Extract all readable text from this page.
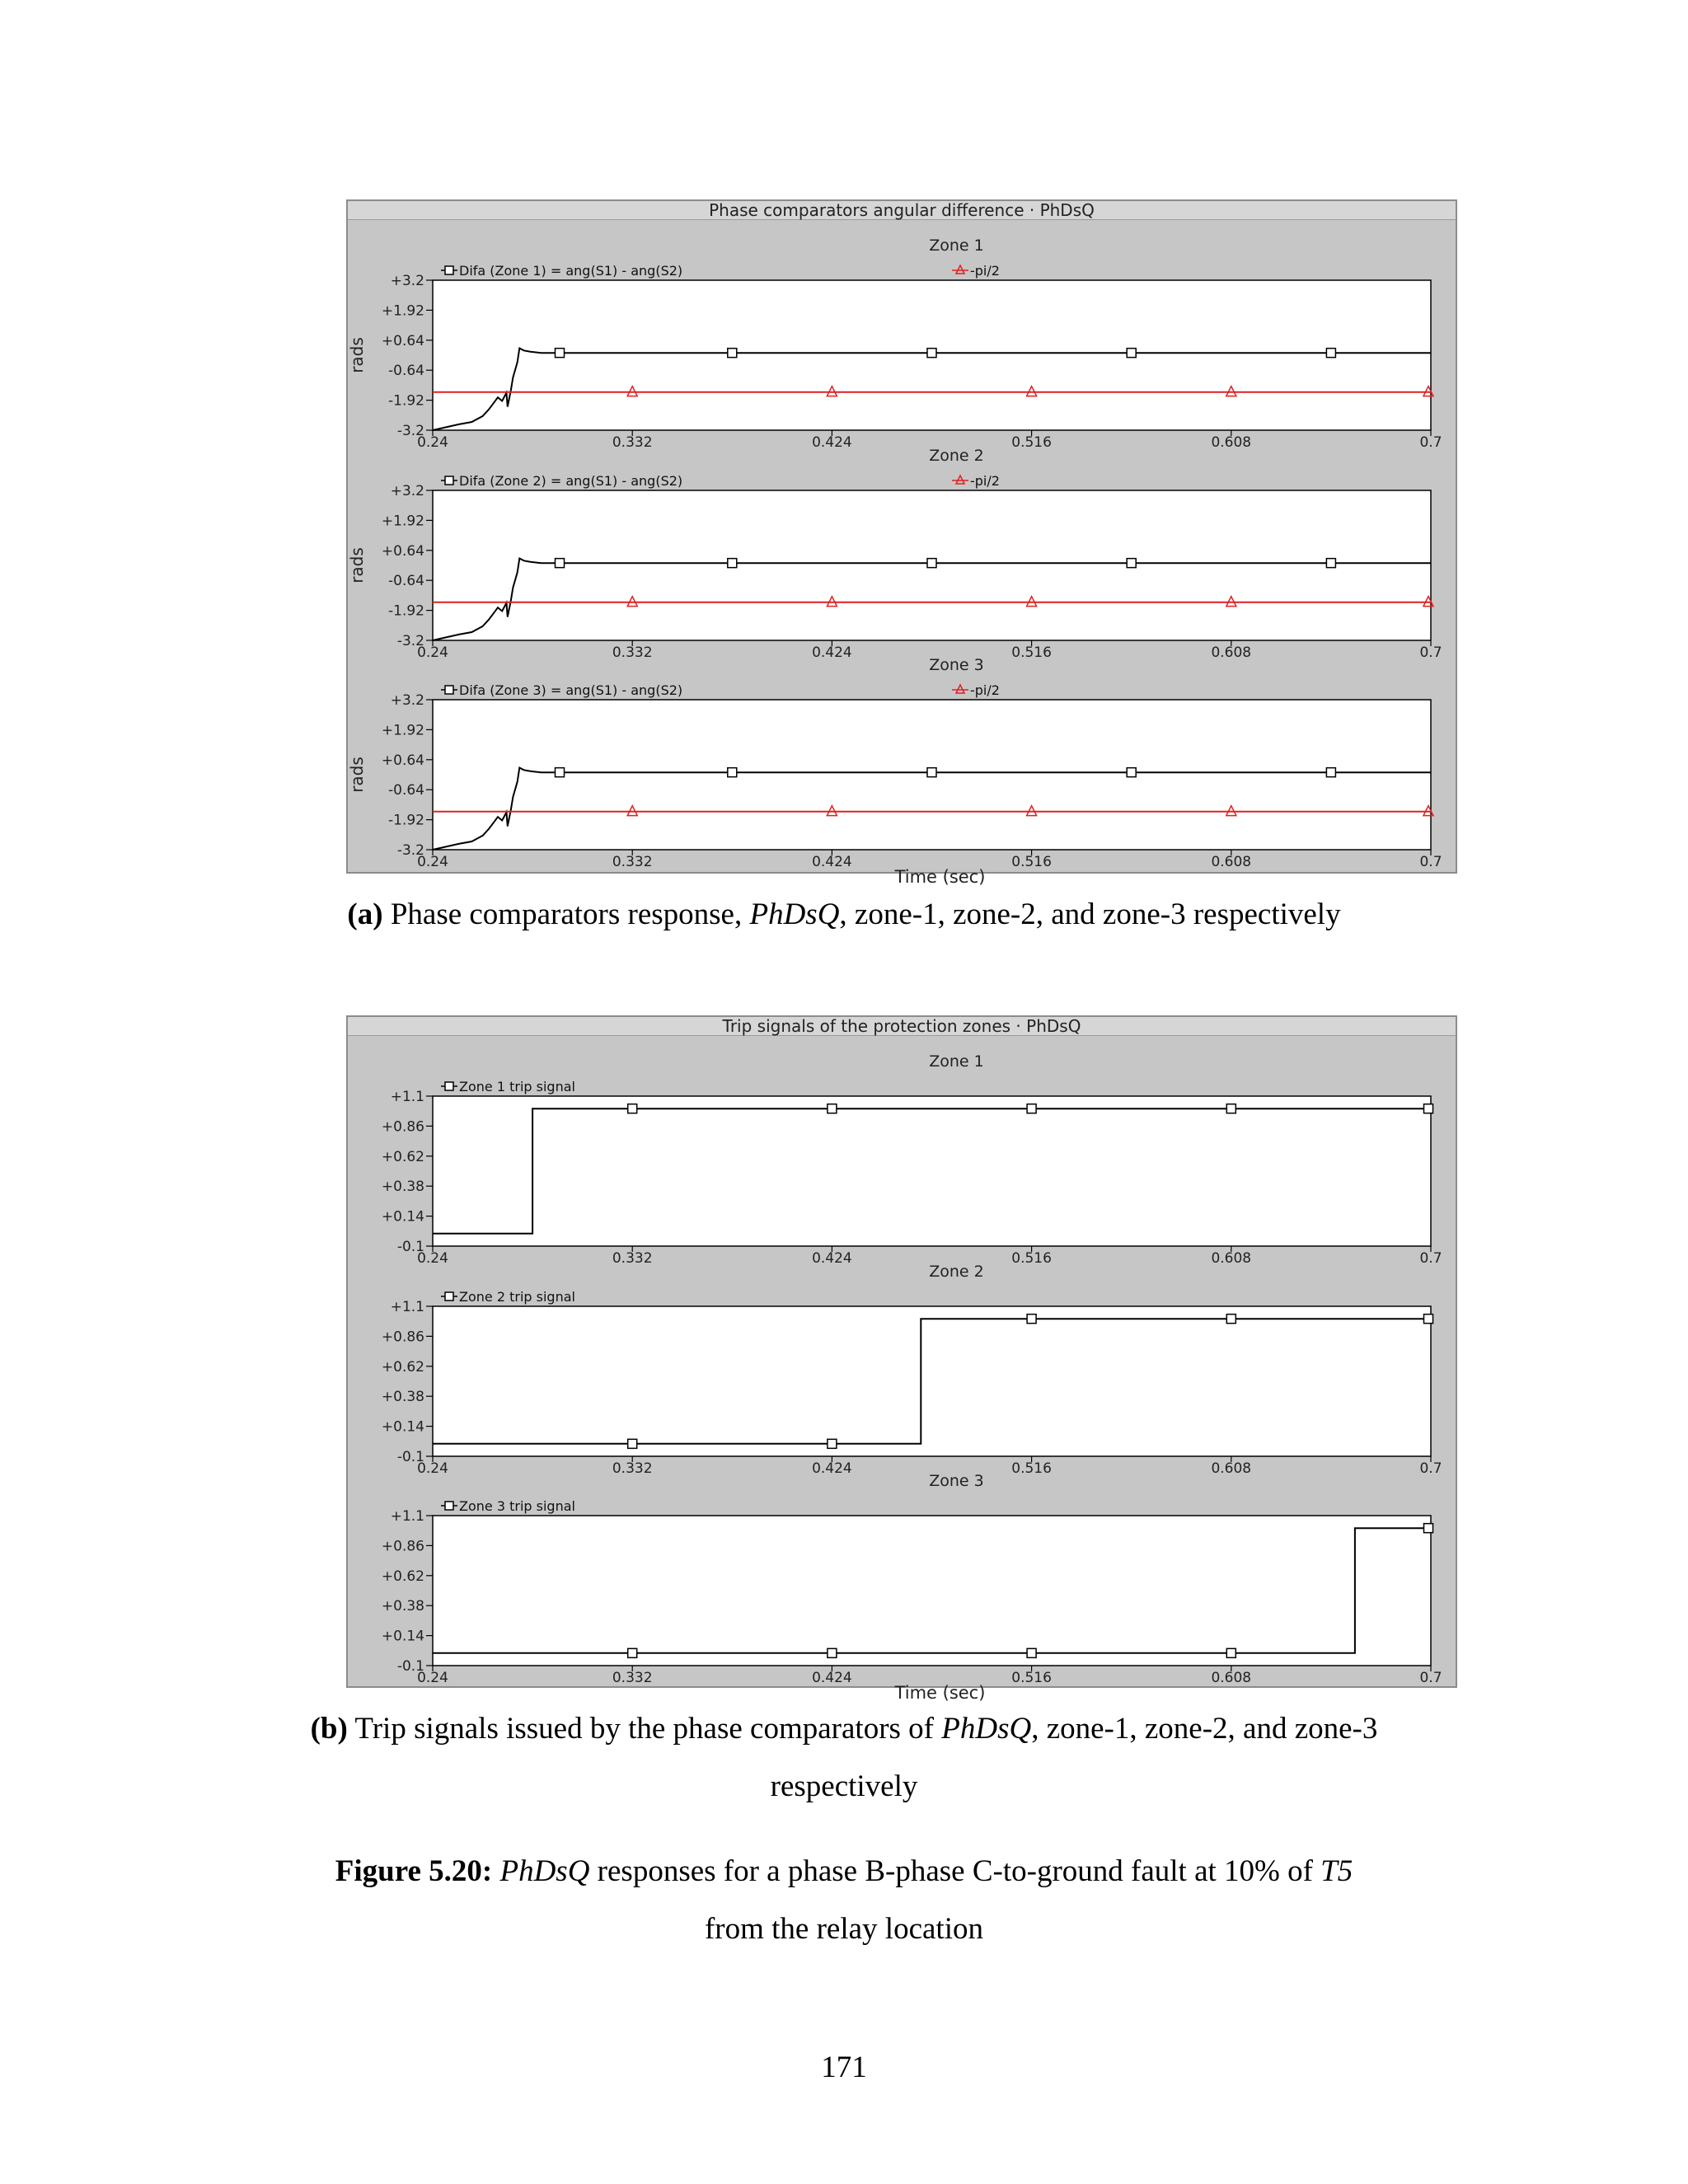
Phase comparators angular difference · PhDsQ
Zone 1
+3.2
+1.92
+0.64
-0.64
-1.92
-3.2
0.24	0.332	0.424	0.516	0.608	0.7
rads
Difa (Zone 1) = ang(S1) - ang(S2)	-pi/2
Zone 2
+3.2
+1.92
+0.64
-0.64
-1.92
-3.2
0.24	0.332	0.424	0.516	0.608	0.7
rads
Difa (Zone 2) = ang(S1) - ang(S2)	-pi/2
Zone 3
+3.2
+1.92
+0.64
-0.64
-1.92
-3.2
0.24	0.332	0.424	0.516	0.608	0.7
rads
Time (sec)
Difa (Zone 3) = ang(S1) - ang(S2)	-pi/2
(a) Phase comparators response, PhDsQ, zone-1, zone-2, and zone-3 respectively
Trip signals of the protection zones · PhDsQ
Zone 1
+1.1
+0.86
+0.62
+0.38
+0.14
-0.1
0.24	0.332	0.424	0.516	0.608	0.7
Zone 1 trip signal
Zone 2
+1.1
+0.86
+0.62
+0.38
+0.14
-0.1
0.24	0.332	0.424	0.516	0.608	0.7
Zone 2 trip signal
Zone 3
+1.1
+0.86
+0.62
+0.38
+0.14
-0.1
0.24	0.332	0.424	0.516	0.608	0.7
Time (sec)
Zone 3 trip signal
(b) Trip signals issued by the phase comparators of PhDsQ, zone-1, zone-2, and zone-3
respectively
Figure 5.20: PhDsQ responses for a phase B-phase C-to-ground fault at 10% of T5
from the relay location
171
